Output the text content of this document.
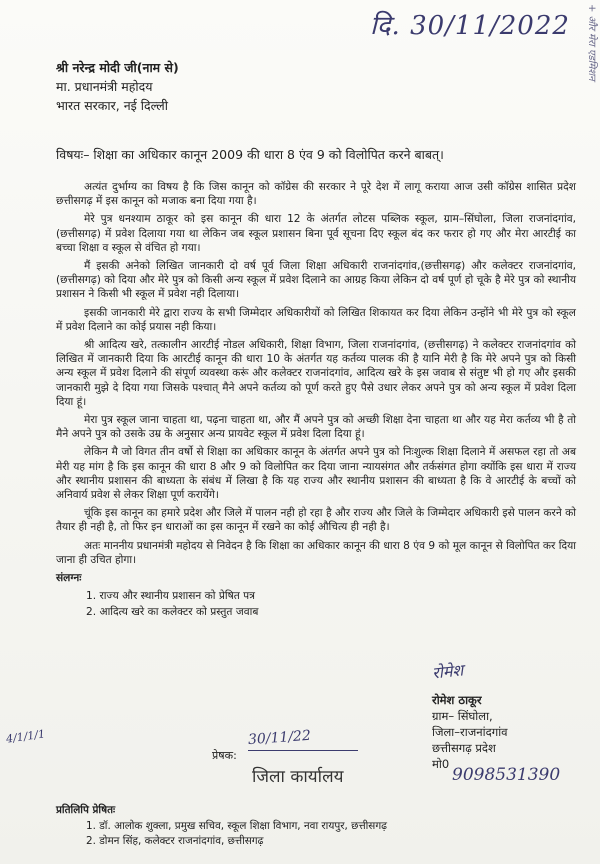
दि. 30/11/2022 + और मेरा एडमिशन
श्री नरेन्द्र मोदी जी(नाम से)
मा. प्रधानमंत्री महोदय
भारत सरकार, नई दिल्ली
विषयः– शिक्षा का अधिकार कानून 2009 की धारा 8 एंव 9 को विलोपित करने बाबत्।

अत्यंत दुर्भाग्य का विषय है कि जिस कानून को कॉग्रेस की सरकार ने पूरे देश में लागू कराया आज उसी कॉग्रेस शासित प्रदेश छत्तीसगढ़ में इस कानून को मजाक बना दिया गया है।

मेरे पुत्र धनश्याम ठाकूर को इस कानून की धारा 12 के अंतर्गत लोटस पब्लिक स्कूल, ग्राम–सिंघोला, जिला राजनांदगांव,(छत्तीसगढ़) में प्रवेश दिलाया गया था लेकिन जब स्कूल प्रशासन बिना पूर्व सूचना दिए स्कूल बंद कर फरार हो गए और मेरा आरटीई का बच्चा शिक्षा व स्कूल से वंचित हो गया।

मैं इसकी अनेको लिखित जानकारी दो वर्ष पूर्व जिला शिक्षा अधिकारी राजनांदगांव,(छत्तीसगढ़) और कलेक्टर राजनांदगांव,(छत्तीसगढ़) को दिया और मेरे पुत्र को किसी अन्य स्कूल में प्रवेश दिलाने का आग्रह किया लेकिन दो वर्ष पूर्ण हो चूके है मेरे पुत्र को स्थानीय प्रशासन ने किसी भी स्कूल में प्रवेश नही दिलाया।

इसकी जानकारी मेरे द्वारा राज्य के सभी जिम्मेदार अधिकारीयों को लिखित शिकायत कर दिया लेकिन उन्होंने भी मेरे पुत्र को स्कूल में प्रवेश दिलाने का कोई प्रयास नही किया।

श्री आदित्य खरे, तत्कालीन आरटीई नोडल अधिकारी, शिक्षा विभाग, जिला राजनांदगांव, (छत्तीसगढ़) ने कलेक्टर राजनांदगांव को लिखित में जानकारी दिया कि आरटीई कानून की धारा 10 के अंतर्गत यह कर्तव्य पालक की है यानि मेरी है कि मेरे अपने पुत्र को किसी अन्य स्कूल में प्रवेश दिलाने की संपूर्ण व्यवस्था करूं और कलेक्टर राजनांदगांव, आदित्य खरे के इस जवाब से संतुष्ट भी हो गए और इसकी जानकारी मुझे दे दिया गया जिसके पश्चात् मैने अपने कर्तव्य को पूर्ण करते हुए पैसे उधार लेकर अपने पुत्र को अन्य स्कूल में प्रवेश दिला दिया हूं।

मेरा पुत्र स्कूल जाना चाहता था, पढ़ना चाहता था, और मैं अपने पुत्र को अच्छी शिक्षा देना चाहता था और यह मेरा कर्तव्य भी है तो मैने अपने पुत्र को उसके उम्र के अनुसार अन्य प्रायवेट स्कूल में प्रवेश दिला दिया हूं।

लेकिन मै जो विगत तीन वर्षो से शिक्षा का अधिकार कानून के अंतर्गत अपने पुत्र को निःशुल्क शिक्षा दिलाने में असफल रहा तो अब मेरी यह मांग है कि इस कानून की धारा 8 और 9 को विलोपित कर दिया जाना न्यायसंगत और तर्कसंगत होगा क्योंकि इस धारा में राज्य और स्थानीय प्रशासन की बाध्यता के संबंध में लिखा है कि यह राज्य और स्थानीय प्रशासन की बाध्यता है कि वे आरटीई के बच्चों को अनिवार्य प्रवेश से लेकर शिक्षा पूर्ण करायेंगे।

चूंकि इस कानून का हमारे प्रदेश और जिले में पालन नही हो रहा है और राज्य और जिले के जिम्मेदार अधिकारी इसे पालन करने को तैयार ही नही है, तो फिर इन धाराओं का इस कानून में रखने का कोई औचित्य ही नही है।

अतः माननीय प्रधानमंत्री महोदय से निवेदन है कि शिक्षा का अधिकार कानून की धारा 8 एंव 9 को मूल कानून से विलोपित कर दिया जाना ही उचित होगा।

संलग्नः

1. राज्य और स्थानीय प्रशासन को प्रेषित पत्र
2. आदित्य खरे का कलेक्टर को प्रस्तुत जवाब
रोमेश
रोमेश ठाकूर
ग्राम– सिंघोला,
जिला–राजनांदगांव
छत्तीसगढ़ प्रदेश
मो0
9098531390
30/11/22
प्रेषक:
जिला कार्यालय
4/1/1/1
प्रतिलिपि प्रेषितः
1. डॉ. आलोक शुक्ला, प्रमुख सचिव, स्कूल शिक्षा विभाग, नवा रायपुर, छत्तीसगढ़
2. डोमन सिंह, कलेक्टर राजनांदगांव, छत्तीसगढ़
